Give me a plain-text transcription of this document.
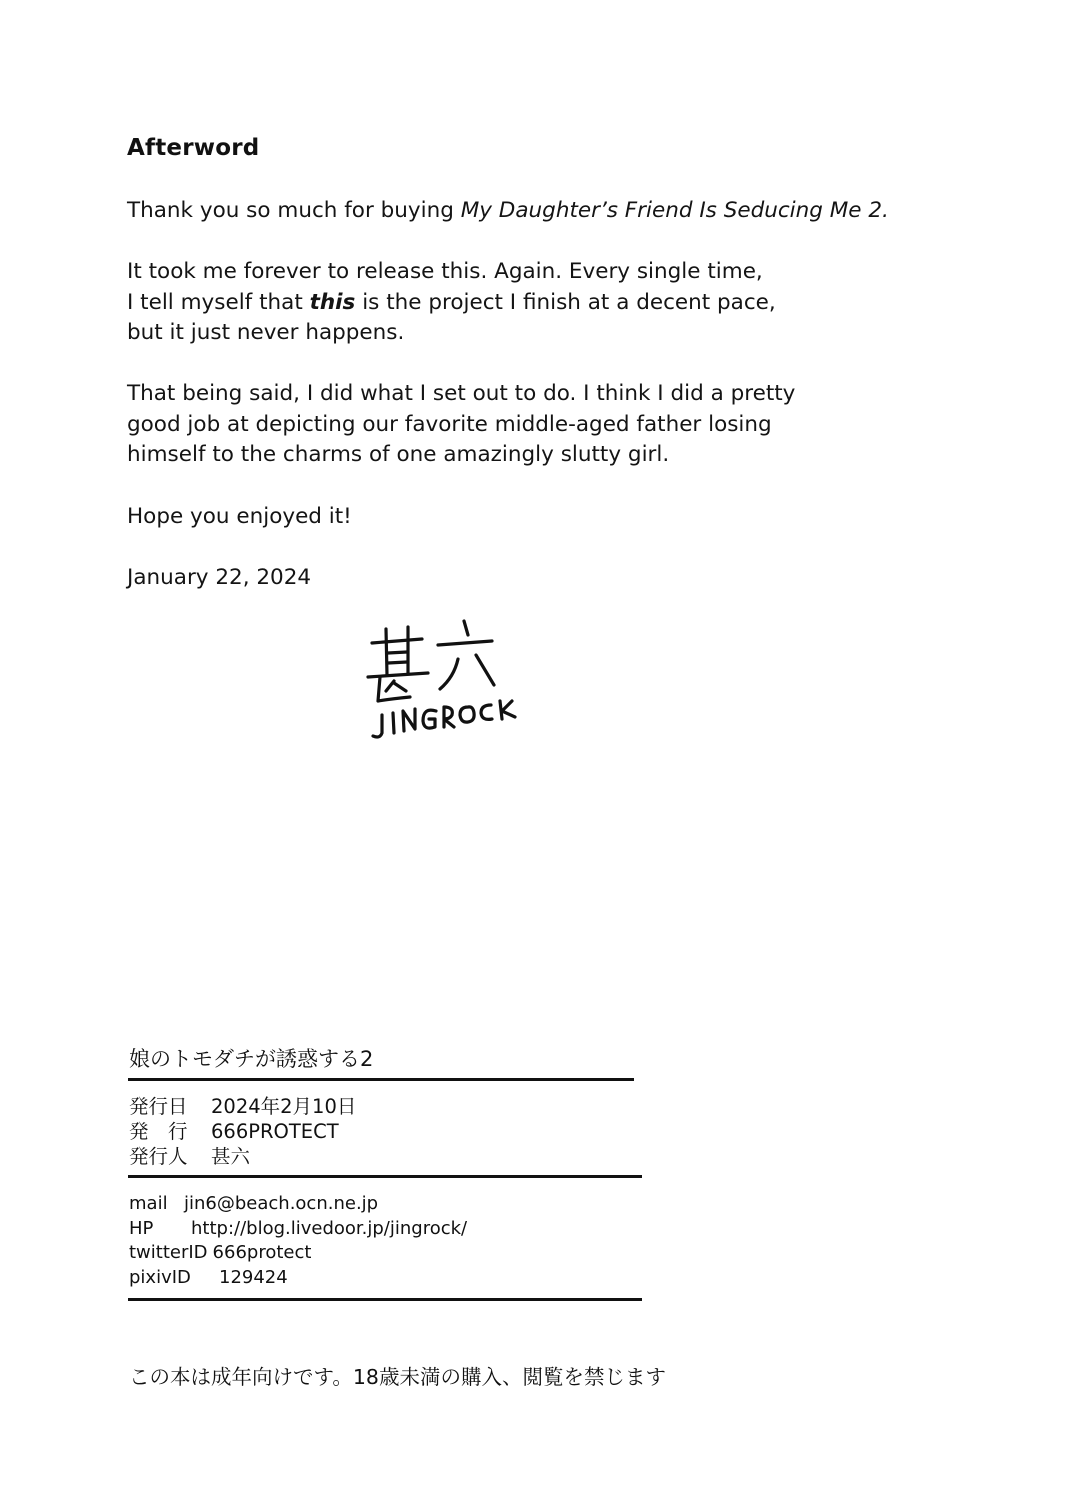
Afterword
Thank you so much for buying My Daughter’s Friend Is Seducing Me 2.
It took me forever to release this. Again. Every single time,
I tell myself that this is the project I finish at a decent pace,
but it just never happens.
That being said, I did what I set out to do. I think I did a pretty
good job at depicting our favorite middle-aged father losing
himself to the charms of one amazingly slutty girl.
Hope you enjoyed it!
January 22, 2024
娘のトモダチが誘惑する2
発行日 2024年2月10日
発　行 666PROTECT
発行人 甚六
mail jin6@beach.ocn.ne.jp
HP http://blog.livedoor.jp/jingrock/
twitterID 666protect
pixivID 129424
この本は成年向けです。18歳未満の購入、閲覧を禁じます
